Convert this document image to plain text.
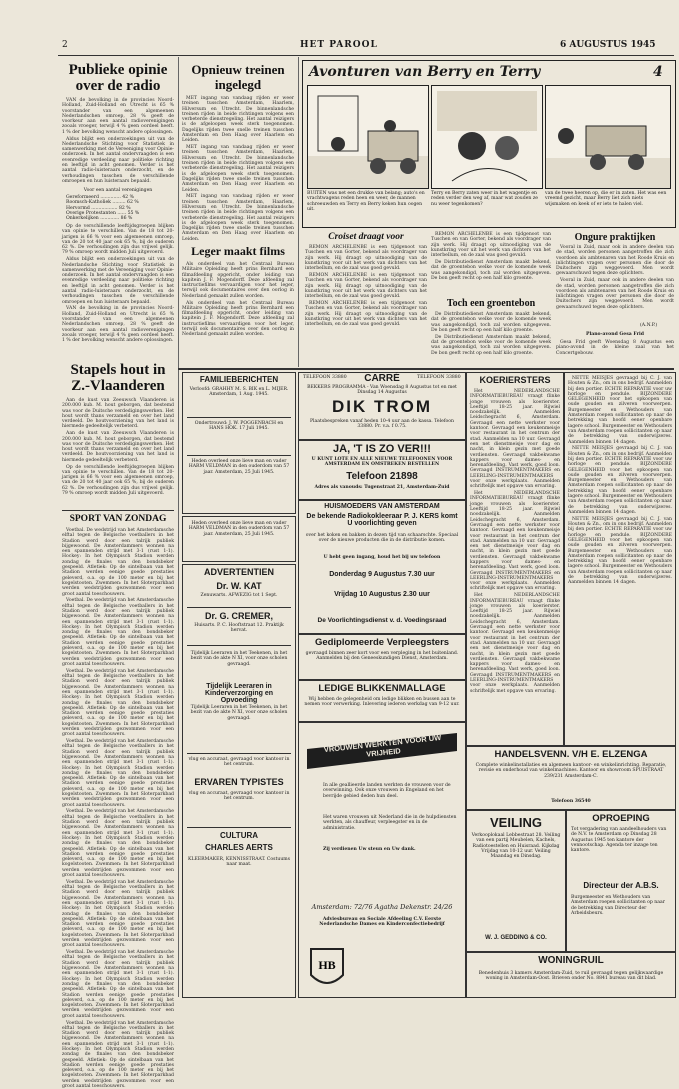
2	HET PAROOL	6 AUGUSTUS 1945
Publieke opinie over de radio

VAN de bevolking in de provincies Noord-Holland, Zuid-Holland en Utrecht is 65 % voorstander van een algemeenen Nederlandschen omroep, 28 % geeft de voorkeur aan een aantal radioverenigingen zooals vroeger, terwijl 4 % geen oordeel heeft. 1 % der bevolking wenscht andere oplossingen.

Aldus blijkt een onderzoekingen uit van de Nederlandsche Stichting voor Statistiek in samenwerking met de Vereeniging voor Opinie-onderzoek. In het aantal ondervraagden is een evenredige verdeeling naar politieke richting en leeftijd in acht genomen. Verder is het aantal radio-luisteraars onderzocht, en de verhoudingen tusschen de verschillende omroepen en hun luisteraars bepaald.

Voor een aantal verenigingen
Gereformeerd .............. 42 %
Roomsch-Katholiek ......... 62 %
Hervormd .................. 82 %
Overige Protestanten ...... 55 %
Onkerkelijken ............. 86 %

Op de verschillende leeftijdsgroepen blijken van opinie te verschillen. Van de 18 tot 20-jarigen is 66 % voor een algemeenen omroep, van de 20 tot 40 jaar ook 65 %, bij de ouderen 62 %. De verhoudingen zijn dus vrijwel gelijk. 79 % omroep wordt midden Juli uitgevoerd.

Aldus blijkt een onderzoekingen uit van de Nederlandsche Stichting voor Statistiek in samenwerking met de Vereeniging voor Opinie-onderzoek. In het aantal ondervraagden is een evenredige verdeeling naar politieke richting en leeftijd in acht genomen. Verder is het aantal radio-luisteraars onderzocht, en de verhoudingen tusschen de verschillende omroepen en hun luisteraars bepaald.

VAN de bevolking in de provincies Noord-Holland, Zuid-Holland en Utrecht is 65 % voorstander van een algemeenen Nederlandschen omroep, 28 % geeft de voorkeur aan een aantal radioverenigingen zooals vroeger, terwijl 4 % geen oordeel heeft. 1 % der bevolking wenscht andere oplossingen.

Stapels hout in Z.-Vlaanderen

Aan de kust van Zeeuwsch Vlaanderen is 200.000 kub. M. hout geborgen, dat bestemd was voor de Duitsche verdedigingswerken. Het hout wordt thans verzameld en over het land verdeeld. De houtvoorziening van het land is hiermede gedeeltelijk verbeterd.

Aan de kust van Zeeuwsch Vlaanderen is 200.000 kub. M. hout geborgen, dat bestemd was voor de Duitsche verdedigingswerken. Het hout wordt thans verzameld en over het land verdeeld. De houtvoorziening van het land is hiermede gedeeltelijk verbeterd.

Op de verschillende leeftijdsgroepen blijken van opinie te verschillen. Van de 18 tot 20-jarigen is 66 % voor een algemeenen omroep, van de 20 tot 40 jaar ook 65 %, bij de ouderen 62 %. De verhoudingen zijn dus vrijwel gelijk. 79 % omroep wordt midden Juli uitgevoerd.

SPORT VAN ZONDAG

Voetbal. De wedstrijd van het Amsterdamsche elftal tegen de Belgische voetballers in het Stadion werd door een talrijk publiek bijgewoond. De Amsterdammers wonnen na een spannenden strijd met 3-1 (rust 1-1). Hockey: In het Olympisch Stadion werden zondag de finales van den bondsbeker gespeeld. Atletiek: Op de sintelbaan van het Stadion werden eenige goede prestaties geleverd, o.a. op de 100 meter en bij het kogelstooten. Zwemmen: In het Sloterparkbad werden wedstrijden gezwommen voor een groot aantal toeschouwers.

Voetbal. De wedstrijd van het Amsterdamsche elftal tegen de Belgische voetballers in het Stadion werd door een talrijk publiek bijgewoond. De Amsterdammers wonnen na een spannenden strijd met 3-1 (rust 1-1). Hockey: In het Olympisch Stadion werden zondag de finales van den bondsbeker gespeeld. Atletiek: Op de sintelbaan van het Stadion werden eenige goede prestaties geleverd, o.a. op de 100 meter en bij het kogelstooten. Zwemmen: In het Sloterparkbad werden wedstrijden gezwommen voor een groot aantal toeschouwers.

Voetbal. De wedstrijd van het Amsterdamsche elftal tegen de Belgische voetballers in het Stadion werd door een talrijk publiek bijgewoond. De Amsterdammers wonnen na een spannenden strijd met 3-1 (rust 1-1). Hockey: In het Olympisch Stadion werden zondag de finales van den bondsbeker gespeeld. Atletiek: Op de sintelbaan van het Stadion werden eenige goede prestaties geleverd, o.a. op de 100 meter en bij het kogelstooten. Zwemmen: In het Sloterparkbad werden wedstrijden gezwommen voor een groot aantal toeschouwers.

Voetbal. De wedstrijd van het Amsterdamsche elftal tegen de Belgische voetballers in het Stadion werd door een talrijk publiek bijgewoond. De Amsterdammers wonnen na een spannenden strijd met 3-1 (rust 1-1). Hockey: In het Olympisch Stadion werden zondag de finales van den bondsbeker gespeeld. Atletiek: Op de sintelbaan van het Stadion werden eenige goede prestaties geleverd, o.a. op de 100 meter en bij het kogelstooten. Zwemmen: In het Sloterparkbad werden wedstrijden gezwommen voor een groot aantal toeschouwers.

Voetbal. De wedstrijd van het Amsterdamsche elftal tegen de Belgische voetballers in het Stadion werd door een talrijk publiek bijgewoond. De Amsterdammers wonnen na een spannenden strijd met 3-1 (rust 1-1). Hockey: In het Olympisch Stadion werden zondag de finales van den bondsbeker gespeeld. Atletiek: Op de sintelbaan van het Stadion werden eenige goede prestaties geleverd, o.a. op de 100 meter en bij het kogelstooten. Zwemmen: In het Sloterparkbad werden wedstrijden gezwommen voor een groot aantal toeschouwers.

Voetbal. De wedstrijd van het Amsterdamsche elftal tegen de Belgische voetballers in het Stadion werd door een talrijk publiek bijgewoond. De Amsterdammers wonnen na een spannenden strijd met 3-1 (rust 1-1). Hockey: In het Olympisch Stadion werden zondag de finales van den bondsbeker gespeeld. Atletiek: Op de sintelbaan van het Stadion werden eenige goede prestaties geleverd, o.a. op de 100 meter en bij het kogelstooten. Zwemmen: In het Sloterparkbad werden wedstrijden gezwommen voor een groot aantal toeschouwers.

Voetbal. De wedstrijd van het Amsterdamsche elftal tegen de Belgische voetballers in het Stadion werd door een talrijk publiek bijgewoond. De Amsterdammers wonnen na een spannenden strijd met 3-1 (rust 1-1). Hockey: In het Olympisch Stadion werden zondag de finales van den bondsbeker gespeeld. Atletiek: Op de sintelbaan van het Stadion werden eenige goede prestaties geleverd, o.a. op de 100 meter en bij het kogelstooten. Zwemmen: In het Sloterparkbad werden wedstrijden gezwommen voor een groot aantal toeschouwers.

Voetbal. De wedstrijd van het Amsterdamsche elftal tegen de Belgische voetballers in het Stadion werd door een talrijk publiek bijgewoond. De Amsterdammers wonnen na een spannenden strijd met 3-1 (rust 1-1). Hockey: In het Olympisch Stadion werden zondag de finales van den bondsbeker gespeeld. Atletiek: Op de sintelbaan van het Stadion werden eenige goede prestaties geleverd, o.a. op de 100 meter en bij het kogelstooten. Zwemmen: In het Sloterparkbad werden wedstrijden gezwommen voor een groot aantal toeschouwers.

Opnieuw treinen ingelegd

MET ingang van vandaag rijden er weer treinen tusschen Amsterdam, Haarlem, Hilversum en Utrecht. De binnenlandsche treinen rijden in beide richtingen volgens een verbeterde dienstregeling. Het aantal reizigers is de afgeloopen week sterk toegenomen. Dagelijks rijden twee snelle treinen tusschen Amsterdam en Den Haag over Haarlem en Leiden.

MET ingang van vandaag rijden er weer treinen tusschen Amsterdam, Haarlem, Hilversum en Utrecht. De binnenlandsche treinen rijden in beide richtingen volgens een verbeterde dienstregeling. Het aantal reizigers is de afgeloopen week sterk toegenomen. Dagelijks rijden twee snelle treinen tusschen Amsterdam en Den Haag over Haarlem en Leiden.

MET ingang van vandaag rijden er weer treinen tusschen Amsterdam, Haarlem, Hilversum en Utrecht. De binnenlandsche treinen rijden in beide richtingen volgens een verbeterde dienstregeling. Het aantal reizigers is de afgeloopen week sterk toegenomen. Dagelijks rijden twee snelle treinen tusschen Amsterdam en Den Haag over Haarlem en Leiden.

Leger maakt films

Als onderdeel van het Centraal Bureau Militaire Opleiding heeft prins Bernhard een filmafdeeling opgericht, onder leiding van kapitein J. F. Mogendorff. Deze afdeeling zal instructiefilms vervaardigen voor het leger, terwijl ook documentaires over den oorlog in Nederland gemaakt zullen worden.

Als onderdeel van het Centraal Bureau Militaire Opleiding heeft prins Bernhard een filmafdeeling opgericht, onder leiding van kapitein J. F. Mogendorff. Deze afdeeling zal instructiefilms vervaardigen voor het leger, terwijl ook documentaires over den oorlog in Nederland gemaakt zullen worden.

Avonturen van Berry en Terry	4
BUITEN was net een drukke van belang; auto's en vrachtwagens reden heen en weer, de mannen schreeuwden en Terry en Berry keken hun oogen uit.
Terry en Berry zaten weer in het wagentje en reden verder den weg af, maar wat zouden ze nu weer tegenkomen?
van de twee heeren op, die er in zaten. Het was een vreemd gezicht, maar Berry liet zich niets wijsmaken en keek of er iets te halen viel.
Croiset draagt voor

REMON ARCHELENBE is een tijdgenoot van Tuschen en van Gorter, bekend als voordrager van zijn werk. Hij draagt op uitnoodiging van de kunstkring voor uit het werk van dichters van het interbellum, en de zaal was goed gevuld.

REMON ARCHELENBE is een tijdgenoot van Tuschen en van Gorter, bekend als voordrager van zijn werk. Hij draagt op uitnoodiging van de kunstkring voor uit het werk van dichters van het interbellum, en de zaal was goed gevuld.

REMON ARCHELENBE is een tijdgenoot van Tuschen en van Gorter, bekend als voordrager van zijn werk. Hij draagt op uitnoodiging van de kunstkring voor uit het werk van dichters van het interbellum, en de zaal was goed gevuld.

REMON ARCHELENBE is een tijdgenoot van Tuschen en van Gorter, bekend als voordrager van zijn werk. Hij draagt op uitnoodiging van de kunstkring voor uit het werk van dichters van het interbellum, en de zaal was goed gevuld.

De Distributiedienst Amsterdam maakt bekend, dat de groentebon welke voor de komende week was aangekondigd, toch zal worden uitgegeven. De bon geeft recht op een half kilo groente.

Toch een groentebon

De Distributiedienst Amsterdam maakt bekend, dat de groentebon welke voor de komende week was aangekondigd, toch zal worden uitgegeven. De bon geeft recht op een half kilo groente.

De Distributiedienst Amsterdam maakt bekend, dat de groentebon welke voor de komende week was aangekondigd, toch zal worden uitgegeven. De bon geeft recht op een half kilo groente.

Ongure praktijken

Vooral in Zuid, maar ook in andere deelen van de stad, worden personen aangetroffen die zich voordoen als ambtenaren van het Roode Kruis en inlichtingen vragen over personen die door de Duitschers zijn weggevoerd. Men wordt gewaarschuwd tegen deze oplichters.

Vooral in Zuid, maar ook in andere deelen van de stad, worden personen aangetroffen die zich voordoen als ambtenaren van het Roode Kruis en inlichtingen vragen over personen die door de Duitschers zijn weggevoerd. Men wordt gewaarschuwd tegen deze oplichters.

(A.N.P.)
Plano-avond Gesa Frid

Gesa Frid geeft Woensdag 8 Augustus een piano-avond in de kleine zaal van het Concertgebouw.

FAMILIEBERICHTEN
Verloofd: GRAHHY M. S. BIK en L. MIJER. Amsterdam, 1 Aug. 1945.
Ondertrouwd: J. W. POGGENBACH en HANS HOK. 17 Juli 1945.
Heden overleed onze lieve man en vader HARM VELDMAN in den ouderdom van 57 jaar. Amsterdam, 25 Juli 1945.
Heden overleed onze lieve man en vader HARM VELDMAN in den ouderdom van 57 jaar. Amsterdam, 25 Juli 1945.
ADVERTENTIEN
Dr. W. KAT
Zenuwarts. AFWEZIG tot 1 Sept.
Dr. G. CREMER,
Huisarts. P. C. Hooftstraat 12. Praktijk hervat.
Tijdelijk Leeraren in het Teekenen, in het bezit van de akte N XI, voor onze scholen gevraagd.
Tijdelijk Leeraren in Kinderverzorging en Opvoeding
Tijdelijk Leeraren in het Teekenen, in het bezit van de akte N XI, voor onze scholen gevraagd.
vlug en accuraat, gevraagd voor kantoor in het centrum.
ERVAREN TYPISTES
vlug en accuraat, gevraagd voor kantoor in het centrum.
CULTURA
CHARLES AERTS
KLEERMAKER, KENNISSTRAAT. Costuums naar maat.
TELEFOON 33880	CARRÉ	TELEFOON 33880
BEKKERS PROGRAMMA - Van Woensdag 8 Augustus tot en met Dinsdag 14 Augustus
DIK TROM
Plaatsbespreken vanaf heden 10-4 uur aan de kassa. Telefoon 33880. Pr. v.a. f 0.75.
JA, 'T IS ZO VER!!!
U KUNT LOTE EN ALLE NIEUWE TELEFOONEN VOOR AMSTERDAM EN OMSTREKEN BESTELLEN
Telefoon 21898
Adres als vanouds: Tugenstraat 21, Amsterdam-Zuid
HUISMOEDERS VAN AMSTERDAM
De bekende Radiokokleeraar P. J. KERS komt U voorlichting geven
over het koken en bakken in dezen tijd van schaarschte. Speciaal over de nieuwe producten die in de distributie komen.
U hebt geen ingang, houd het bij uw telefoon
Donderdag 9 Augustus 7.30 uur
Vrijdag 10 Augustus 2.30 uur
De Voorlichtingsdienst v. d. Voedingsraad
Gediplomeerde Verpleegsters
gevraagd binnen zeer kort voor een verpleging in het buitenland. Aanmelden bij den Geneeskundigen Dienst, Amsterdam.
LEDIGE BLIKKENMALLAGE
Wij hebben de gelegenheid om ledige blikken en bussen aan te nemen voor verwerking. Inlevering iederen werkdag van 9-12 uur.
VROUWEN WERKTEN VOOR UW VRIJHEID
In alle geallieerde landen werkten de vrouwen voor de overwinning. Ook onze vrouwen in Engeland en het bevrijde gebied deden hun deel.
Het waren vrouwen uit Nederland die in de hulpdiensten werkten, als chauffeur, verpleegster en in de administratie.
Zij verdienen Uw steun en Uw dank.
Amsterdam: 72/76 Agatha Dekenstr. 24/26
Adviesbureau en Sociale Afdeeling C.V. Eerste Nederlandsche Dames en Kinderconfectiebedrijf
HB
KOERIERSTERS

Het NEDERLANDSCHE INFORMATIEBUREAU vraagt flinke jonge vrouwen als koerierster. Leeftijd 18-25 jaar. Rijwiel noodzakelijk. Aanmelden Leidschegracht 6, Amsterdam. Gevraagd een nette werkster voor kantoor. Gevraagd een keukenmeisje voor restaurant in het centrum der stad. Aanmelden na 10 uur. Gevraagd een net dienstmeisje voor dag en nacht, in klein gezin met goede verdiensten. Gevraagd vakbekwame kappers voor dames- en herenafdeeling. Vast werk, goed loon. Gevraagd INSTRUMENTMAKERS en LEERLING-INSTRUMENTMAKERS voor onze werkplaats. Aanmelden schriftelijk met opgave van ervaring.

Het NEDERLANDSCHE INFORMATIEBUREAU vraagt flinke jonge vrouwen als koerierster. Leeftijd 18-25 jaar. Rijwiel noodzakelijk. Aanmelden Leidschegracht 6, Amsterdam. Gevraagd een nette werkster voor kantoor. Gevraagd een keukenmeisje voor restaurant in het centrum der stad. Aanmelden na 10 uur. Gevraagd een net dienstmeisje voor dag en nacht, in klein gezin met goede verdiensten. Gevraagd vakbekwame kappers voor dames- en herenafdeeling. Vast werk, goed loon. Gevraagd INSTRUMENTMAKERS en LEERLING-INSTRUMENTMAKERS voor onze werkplaats. Aanmelden schriftelijk met opgave van ervaring.

Het NEDERLANDSCHE INFORMATIEBUREAU vraagt flinke jonge vrouwen als koerierster. Leeftijd 18-25 jaar. Rijwiel noodzakelijk. Aanmelden Leidschegracht 6, Amsterdam. Gevraagd een nette werkster voor kantoor. Gevraagd een keukenmeisje voor restaurant in het centrum der stad. Aanmelden na 10 uur. Gevraagd een net dienstmeisje voor dag en nacht, in klein gezin met goede verdiensten. Gevraagd vakbekwame kappers voor dames- en herenafdeeling. Vast werk, goed loon. Gevraagd INSTRUMENTMAKERS en LEERLING-INSTRUMENTMAKERS voor onze werkplaats. Aanmelden schriftelijk met opgave van ervaring.

NETTE MEISJES gevraagd bij C. J. van Houten & Zn., om in ons bedrijf. Aanmelden bij den portier. ECHTE REPARATIE voor uw horloge en pendule. BIJZONDERE GELEGENHEID voor het opkoopen van oude gouden en zilveren voorwerpen. Burgemeester en Wethouders van Amsterdam roepen sollicitanten op naar de betrekking van hoofd eener openbare lagere school. Burgemeester en Wethouders van Amsterdam roepen sollicitanten op naar de betrekking van onderwijzeres. Aanmelden binnen 14 dagen.

NETTE MEISJES gevraagd bij C. J. van Houten & Zn., om in ons bedrijf. Aanmelden bij den portier. ECHTE REPARATIE voor uw horloge en pendule. BIJZONDERE GELEGENHEID voor het opkoopen van oude gouden en zilveren voorwerpen. Burgemeester en Wethouders van Amsterdam roepen sollicitanten op naar de betrekking van hoofd eener openbare lagere school. Burgemeester en Wethouders van Amsterdam roepen sollicitanten op naar de betrekking van onderwijzeres. Aanmelden binnen 14 dagen.

NETTE MEISJES gevraagd bij C. J. van Houten & Zn., om in ons bedrijf. Aanmelden bij den portier. ECHTE REPARATIE voor uw horloge en pendule. BIJZONDERE GELEGENHEID voor het opkoopen van oude gouden en zilveren voorwerpen. Burgemeester en Wethouders van Amsterdam roepen sollicitanten op naar de betrekking van hoofd eener openbare lagere school. Burgemeester en Wethouders van Amsterdam roepen sollicitanten op naar de betrekking van onderwijzeres. Aanmelden binnen 14 dagen.

HANDELSVENN. V/H E. ELZENGA
Complete winkelinstallaties en algemeen kantoor- en winkelinrichting. Reparatie, revisie en onderhoud van winkelmachines. Kantoor en showroom SPUISTRAAT 239/231 Amsterdam-C.
Telefoon 36540
VEILING
Verkooplokaal Lebbestraat 28. Veiling van een partij Meubelen, Kachels, Radiotoestellen en Huisraad. Kijkdag Vrijdag van 10-12 uur. Veiling Maandag en Dinsdag.
W. J. GEDDING & CO.
OPROEPING
Tot vergadering van aandeelhouders van de N.V. te Amsterdam op Dinsdag 28 Augustus 1945 ten kantore der vennootschap. Agenda ter inzage ten kantore.
Directeur der A.B.S.
Burgemeester en Wethouders van Amsterdam roepen sollicitanten op naar de betrekking van Directeur der Arbeidsbeurs.
WONINGRUIL
Benedenhuis 3 kamers Amsterdam-Zuid, te ruil gevraagd tegen gelijkwaardige woning in Amsterdam-Oost. Brieven onder No. 8841 bureau van dit blad.
